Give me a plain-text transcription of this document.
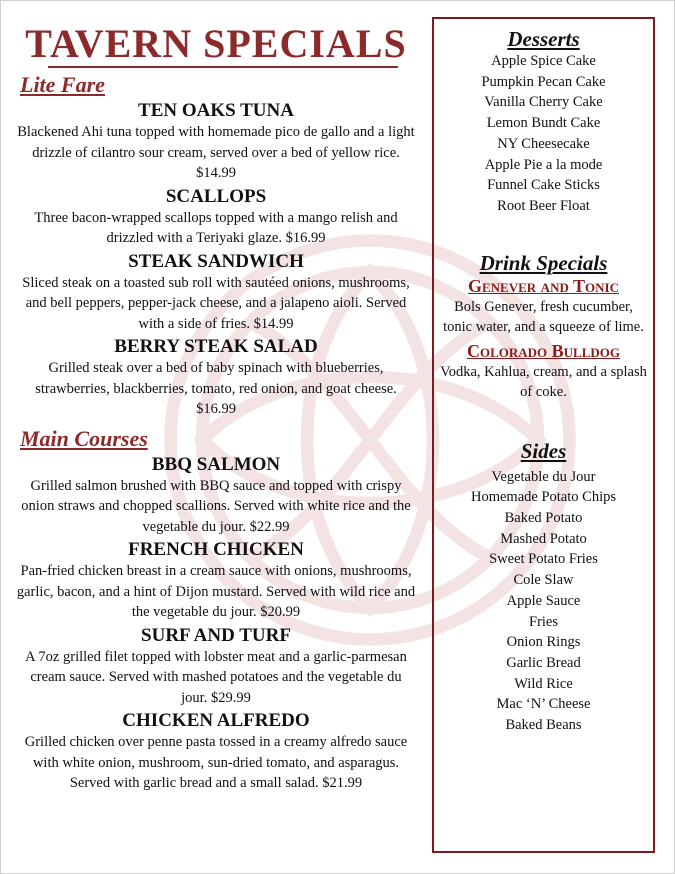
TAVERN SPECIALS
Lite Fare
TEN OAKS TUNA
Blackened Ahi tuna topped with homemade pico de gallo and a light drizzle of cilantro sour cream, served over a bed of yellow rice. $14.99
SCALLOPS
Three bacon-wrapped scallops topped with a mango relish and drizzled with a Teriyaki glaze. $16.99
STEAK SANDWICH
Sliced steak on a toasted sub roll with sautéed onions, mushrooms, and bell peppers, pepper-jack cheese, and a jalapeno aioli. Served with a side of fries. $14.99
BERRY STEAK SALAD
Grilled steak over a bed of baby spinach with blueberries, strawberries, blackberries, tomato, red onion, and goat cheese. $16.99
Main Courses
BBQ SALMON
Grilled salmon brushed with BBQ sauce and topped with crispy onion straws and chopped scallions. Served with white rice and the vegetable du jour. $22.99
FRENCH CHICKEN
Pan-fried chicken breast in a cream sauce with onions, mushrooms, garlic, bacon, and a hint of Dijon mustard. Served with wild rice and the vegetable du jour. $20.99
SURF AND TURF
A 7oz grilled filet topped with lobster meat and a garlic-parmesan cream sauce. Served with mashed potatoes and the vegetable du jour. $29.99
CHICKEN ALFREDO
Grilled chicken over penne pasta tossed in a creamy alfredo sauce with white onion, mushroom, sun-dried tomato, and asparagus. Served with garlic bread and a small salad. $21.99
Desserts
Apple Spice Cake
Pumpkin Pecan Cake
Vanilla Cherry Cake
Lemon Bundt Cake
NY Cheesecake
Apple Pie a la mode
Funnel Cake Sticks
Root Beer Float
Drink Specials
Genever and Tonic
Bols Genever, fresh cucumber, tonic water, and a squeeze of lime.
Colorado Bulldog
Vodka, Kahlua, cream, and a splash of coke.
Sides
Vegetable du Jour
Homemade Potato Chips
Baked Potato
Mashed Potato
Sweet Potato Fries
Cole Slaw
Apple Sauce
Fries
Onion Rings
Garlic Bread
Wild Rice
Mac ‘N’ Cheese
Baked Beans
